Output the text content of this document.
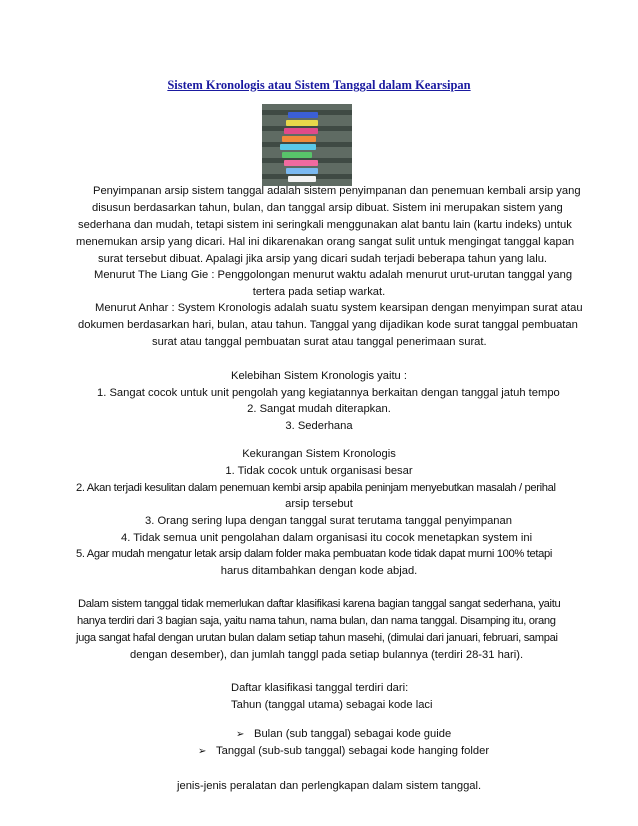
Sistem Kronologis atau Sistem Tanggal dalam Kearsipan
Penyimpanan arsip sistem tanggal adalah sistem penyimpanan dan penemuan kembali arsip yang
disusun berdasarkan tahun, bulan, dan tanggal arsip dibuat. Sistem ini merupakan sistem yang
sederhana dan mudah, tetapi sistem ini seringkali menggunakan alat bantu lain (kartu indeks) untuk
menemukan arsip yang dicari. Hal ini dikarenakan orang sangat sulit untuk mengingat tanggal kapan
surat tersebut dibuat. Apalagi jika arsip yang dicari sudah terjadi beberapa tahun yang lalu.
Menurut The Liang Gie : Penggolongan menurut waktu adalah menurut urut-urutan tanggal yang
tertera pada setiap warkat.
Menurut Anhar : System Kronologis adalah suatu system kearsipan dengan menyimpan surat atau
dokumen berdasarkan hari, bulan, atau tahun. Tanggal yang dijadikan kode surat tanggal pembuatan
surat atau tanggal pembuatan surat atau tanggal penerimaan surat.
Kelebihan Sistem Kronologis yaitu :
1. Sangat cocok untuk unit pengolah yang kegiatannya berkaitan dengan tanggal jatuh tempo
2. Sangat mudah diterapkan.
3. Sederhana
Kekurangan Sistem Kronologis
1. Tidak cocok untuk organisasi besar
2. Akan terjadi kesulitan dalam penemuan kembi arsip apabila peninjam menyebutkan masalah / perihal
arsip tersebut
3. Orang sering lupa dengan tanggal surat terutama tanggal penyimpanan
4. Tidak semua unit pengolahan dalam organisasi itu cocok menetapkan system ini
5. Agar mudah mengatur letak arsip dalam folder maka pembuatan kode tidak dapat murni 100% tetapi
harus ditambahkan dengan kode abjad.
Dalam sistem tanggal tidak memerlukan daftar klasifikasi karena bagian tanggal sangat sederhana, yaitu
hanya terdiri dari 3 bagian saja, yaitu nama tahun, nama bulan, dan nama tanggal. Disamping itu, orang
juga sangat hafal dengan urutan bulan dalam setiap tahun masehi, (dimulai dari januari, februari, sampai
dengan desember), dan jumlah tanggl pada setiap bulannya (terdiri 28-31 hari).
Daftar klasifikasi tanggal terdiri dari:
Tahun (tanggal utama) sebagai kode laci
➢ Bulan (sub tanggal) sebagai kode guide
➢ Tanggal (sub-sub tanggal) sebagai kode hanging folder
jenis-jenis peralatan dan perlengkapan dalam sistem tanggal.
